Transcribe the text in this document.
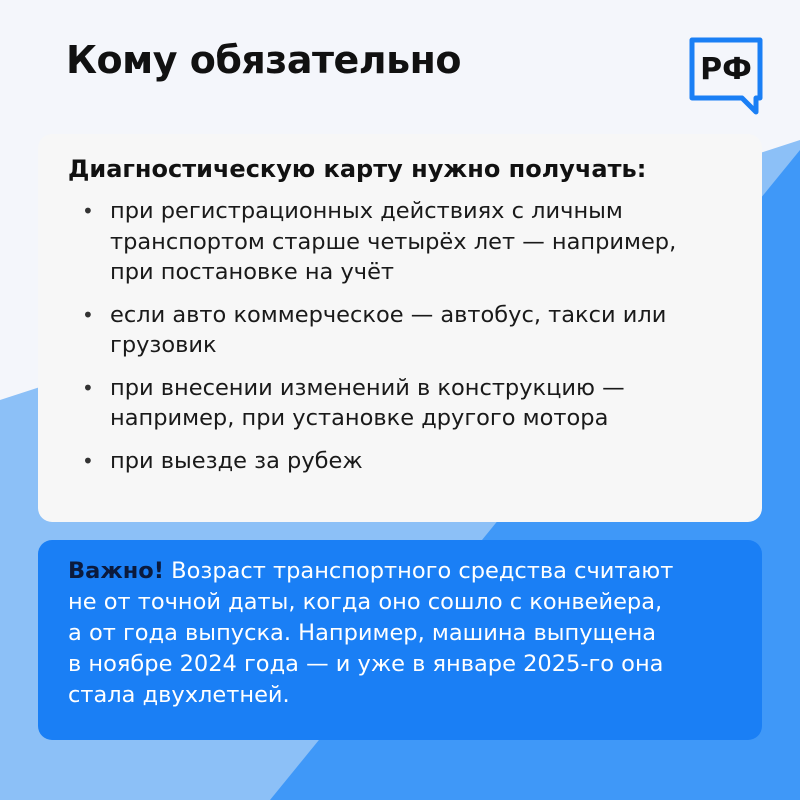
Кому обязательно	РФ
Диагностическую карту нужно получать:
• при регистрационных действиях с личным
транспортом старше четырёх лет — например,
при постановке на учёт
• если авто коммерческое — автобус, такси или
грузовик
• при внесении изменений в конструкцию —
например, при установке другого мотора
• при выезде за рубеж
Важно! Возраст транспортного средства считают
не от точной даты, когда оно сошло с конвейера,
а от года выпуска. Например, машина выпущена
в ноябре 2024 года — и уже в январе 2025-го она
стала двухлетней.
